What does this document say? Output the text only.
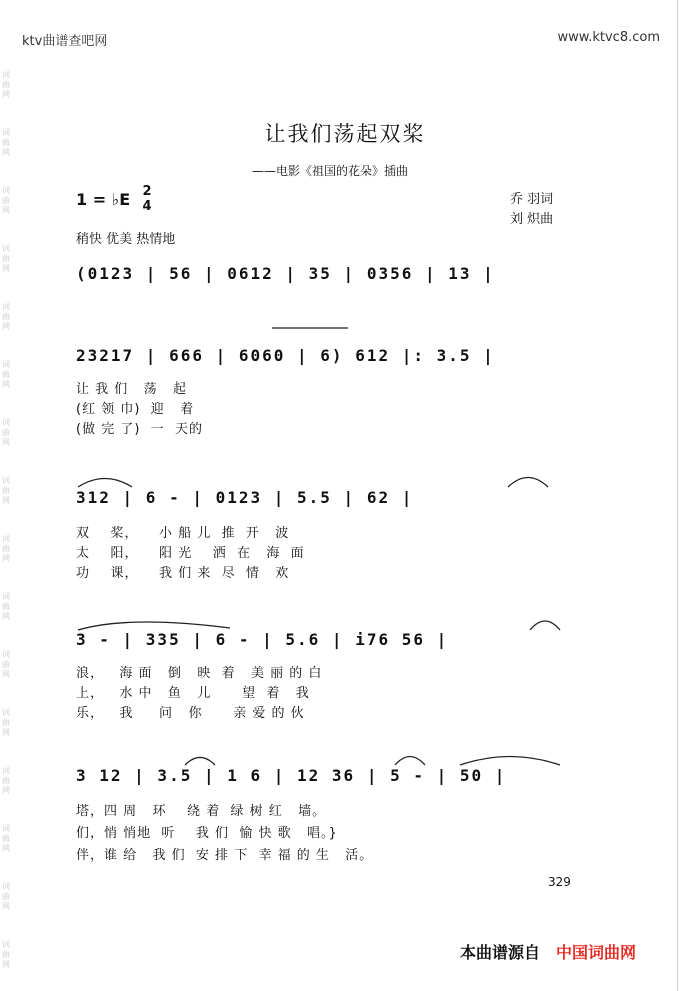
ktv曲谱查吧网	www.ktvc8.com
词曲网
词曲网
词曲网
词曲网
词曲网
词曲网
词曲网
词曲网
词曲网
词曲网
词曲网
词曲网
词曲网
词曲网
词曲网
词曲网
让我们荡起双桨
——电影《祖国的花朵》插曲
1 = ♭E 2
4	乔 羽词
刘 炽曲
稍快 优美 热情地
(0123 | 56 | 0612 | 35 | 0356 | 13 |
23217 | 666 | 6060 | 6) 612 |: 3.5 |
让 我 们   荡   起
(红 领 巾)  迎   着
(做 完 了)  一  天的
312 | 6 - | 0123 | 5.5 | 62 |
双    桨，    小 船 儿  推  开   波
太    阳，    阳 光    洒  在   海  面
功    课，    我 们 来  尽  情   欢
3 - | 335 | 6 - | 5.6 | i76 56 |
浪，   海 面   倒   映  着   美 丽 的 白
上，   水 中   鱼   儿      望  着   我
乐，   我     问   你      亲 爱 的 伙
3 12 | 3.5 | 1 6 | 12 36 | 5 - | 50 |
塔，四 周   环    绕 着  绿 树 红   墙。
们，悄 悄地  听    我 们  愉 快 歌   唱。}
伴，谁 给   我 们  安 排 下  幸 福 的 生   活。
329
本曲谱源自 中国词曲网
